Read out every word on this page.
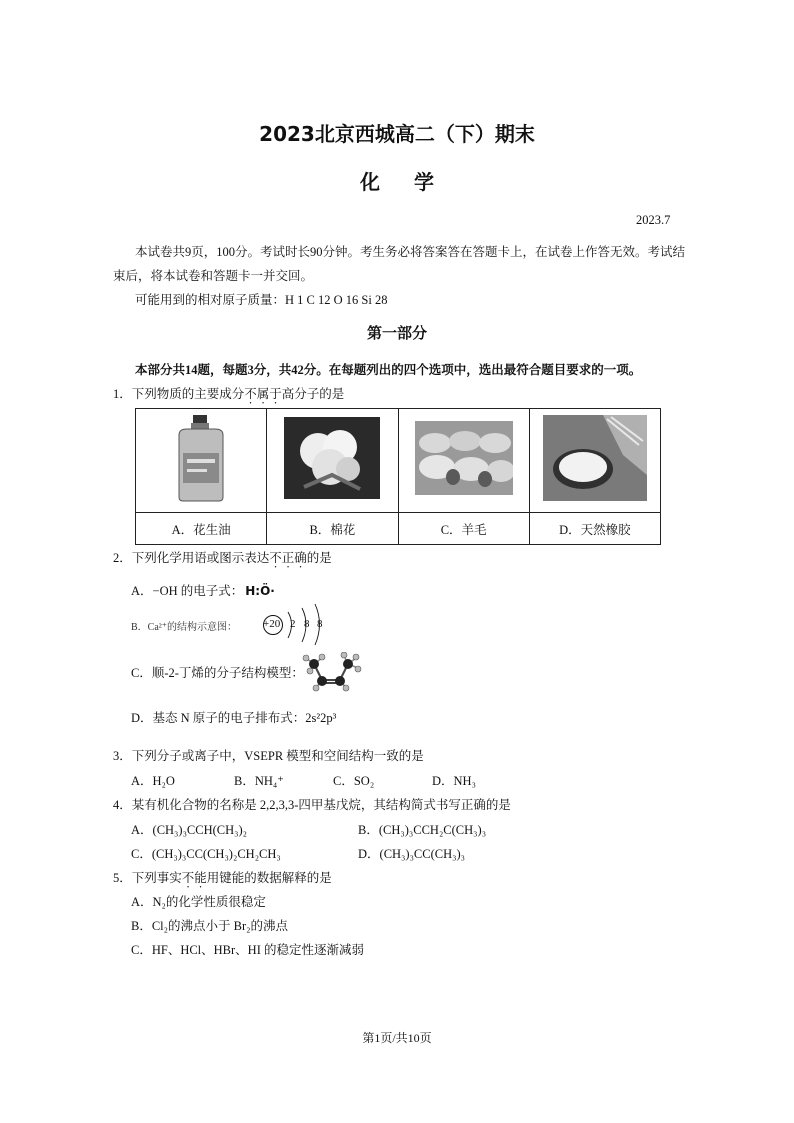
2023北京西城高二（下）期末
化学
2023.7
本试卷共9页，100分。考试时长90分钟。考生务必将答案答在答题卡上，在试卷上作答无效。考试结
束后，将本试卷和答题卡一并交回。
可能用到的相对原子质量：H 1 C 12 O 16 Si 28
第一部分
本部分共14题，每题3分，共42分。在每题列出的四个选项中，选出最符合题目要求的一项。
1．下列物质的主要成分不属于高分子的是

A．花生油	B．棉花	C．羊毛	D．天然橡胶
2．下列化学用语或图示表达不正确的是
A．−OH 的电子式： H:Ö·
B．Ca²⁺的结构示意图： +20 2 8 8
C．顺-2-丁烯的分子结构模型：
D．基态 N 原子的电子排布式：2s²2p³
3．下列分子或离子中，VSEPR 模型和空间结构一致的是
A．H₂O	B．NH₄⁺	C．SO₂	D．NH₃
4．某有机化合物的名称是 2,2,3,3-四甲基戊烷，其结构简式书写正确的是
A．(CH₃)₃CCH(CH₃)₂	B．(CH₃)₃CCH₂C(CH₃)₃
C．(CH₃)₃CC(CH₃)₂CH₂CH₃	D．(CH₃)₃CC(CH₃)₃
5．下列事实不能用键能的数据解释的是
A．N₂的化学性质很稳定
B．Cl₂的沸点小于 Br₂的沸点
C．HF、HCl、HBr、HI 的稳定性逐渐减弱
第1页/共10页
